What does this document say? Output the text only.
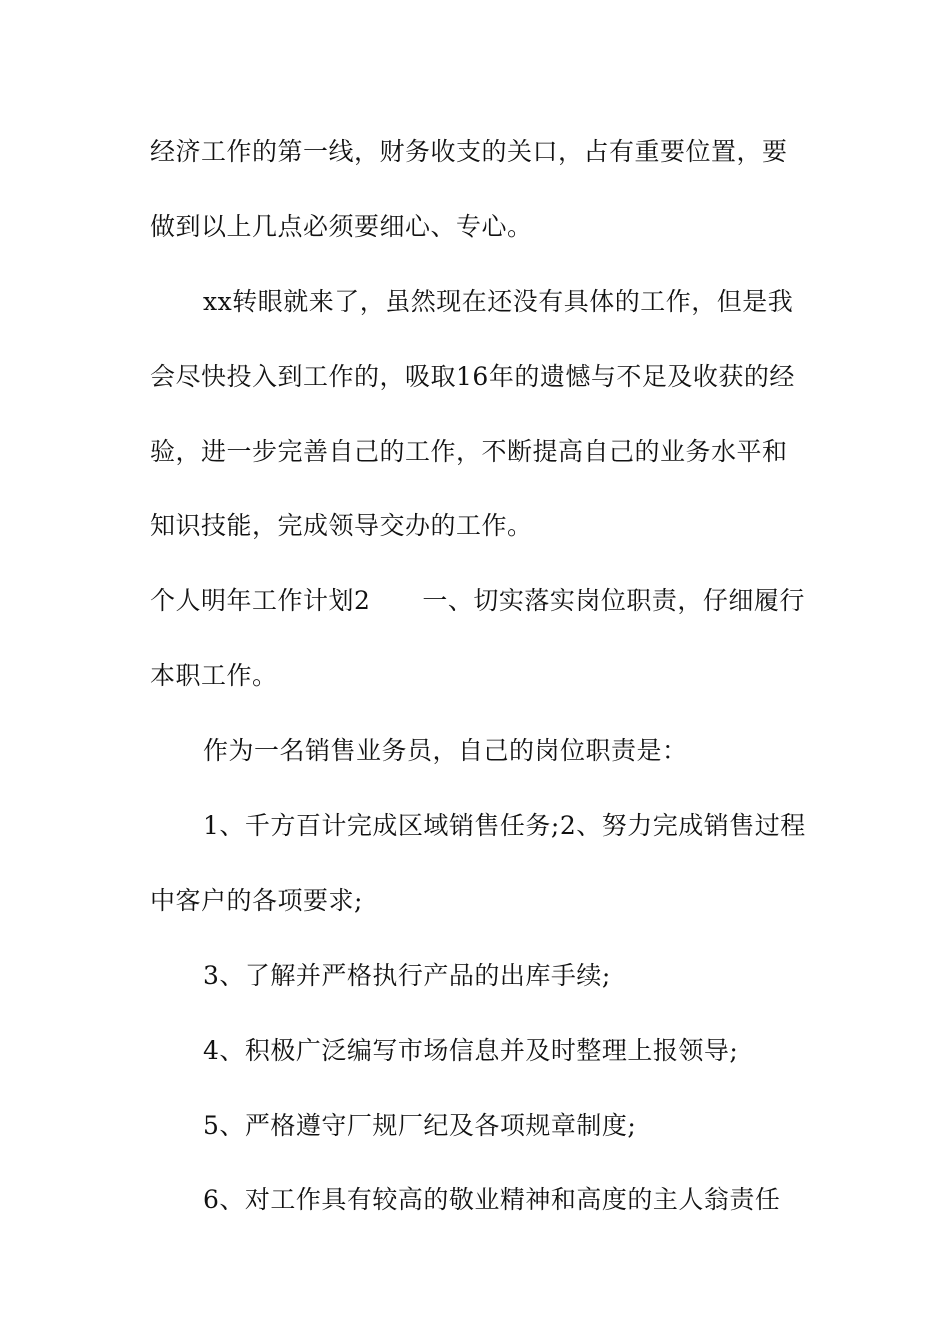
经济工作的第一线，财务收支的关口，占有重要位置，要
做到以上几点必须要细心、专心。
xx转眼就来了，虽然现在还没有具体的工作，但是我
会尽快投入到工作的，吸取16年的遗憾与不足及收获的经
验，进一步完善自己的工作，不断提高自己的业务水平和
知识技能，完成领导交办的工作。
个人明年工作计划2 一、切实落实岗位职责，仔细履行
本职工作。
作为一名销售业务员，自己的岗位职责是：
1、千方百计完成区域销售任务;2、努力完成销售过程
中客户的各项要求;
3、了解并严格执行产品的出库手续;
4、积极广泛编写市场信息并及时整理上报领导;
5、严格遵守厂规厂纪及各项规章制度;
6、对工作具有较高的敬业精神和高度的主人翁责任
